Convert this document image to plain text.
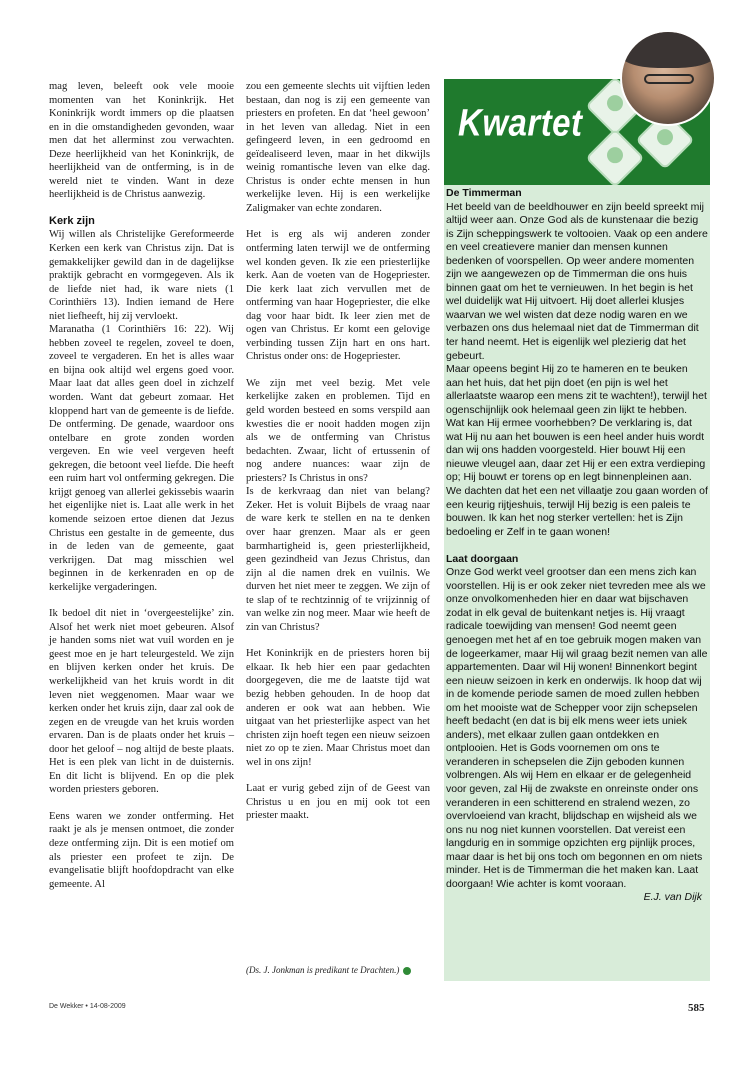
mag leven, beleeft ook vele mooie momenten van het Koninkrijk. Het Koninkrijk wordt immers op die plaatsen en in die omstandigheden gevonden, waar men dat het allerminst zou verwachten. Deze heerlijkheid van het Koninkrijk, de heerlijkheid van de ontferming, is in de wereld niet te vinden. Want in deze heerlijkheid is de Christus aanwezig.

Kerk zijn

Wij willen als Christelijke Gereformeerde Kerken een kerk van Christus zijn. Dat is gemakkelijker gewild dan in de dagelijkse praktijk gebracht en vormgegeven. Als ik de liefde niet had, ik ware niets (1 Corinthiërs 13). Indien iemand de Here niet liefheeft, hij zij vervloekt.

Maranatha (1 Corinthiërs 16: 22). Wij hebben zoveel te regelen, zoveel te doen, zoveel te vergaderen. En het is alles waar en bijna ook altijd wel ergens goed voor. Maar laat dat alles geen doel in zichzelf worden. Want dat gebeurt zomaar. Het kloppend hart van de gemeente is de liefde. De ontferming. De genade, waardoor ons ontelbare en grote zonden worden vergeven. En wie veel vergeven heeft gekregen, die betoont veel liefde. Die heeft een ruim hart vol ontferming gekregen. Die krijgt genoeg van allerlei gekissebis waarin het eigenlijke niet is. Laat alle werk in het komende seizoen ertoe dienen dat Jezus Christus een gestalte in de gemeente, dus in de leden van de gemeente, gaat verkrijgen. Dat mag misschien wel beginnen in de kerkenraden en op de kerkelijke vergaderingen.

Ik bedoel dit niet in ‘overgeestelijke’ zin. Alsof het werk niet moet gebeuren. Alsof je handen soms niet wat vuil worden en je geest moe en je hart teleurgesteld. We zijn en blijven kerken onder het kruis. De werkelijkheid van het kruis wordt in dit leven niet weggenomen. Maar waar we kerken onder het kruis zijn, daar zal ook de zegen en de vreugde van het kruis worden ervaren. Dan is de plaats onder het kruis – door het geloof – nog altijd de beste plaats. Het is een plek van licht in de duisternis. En dit licht is blijvend. En op die plek worden priesters geboren.

Eens waren we zonder ontferming. Het raakt je als je mensen ontmoet, die zonder deze ontferming zijn. Dit is een motief om als priester een profeet te zijn. De evangelisatie blijft hoofdopdracht van elke gemeente. Al

zou een gemeente slechts uit vijftien leden bestaan, dan nog is zij een gemeente van priesters en profeten. En dat ‘heel gewoon’ in het leven van alledag. Niet in een gefingeerd leven, in een gedroomd en geïdealiseerd leven, maar in het dikwijls weinig romantische leven van elke dag. Christus is onder echte mensen in hun werkelijke leven. Hij is een werkelijke Zaligmaker van echte zondaren.

Het is erg als wij anderen zonder ontferming laten terwijl we de ontferming wel konden geven. Ik zie een priesterlijke kerk. Aan de voeten van de Hogepriester. Die kerk laat zich vervullen met de ontferming van haar Hogepriester, die elke dag voor haar bidt. Ik leer zien met de ogen van Christus. Er komt een gelovige verbinding tussen Zijn hart en ons hart. Christus onder ons: de Hogepriester.

We zijn met veel bezig. Met vele kerkelijke zaken en problemen. Tijd en geld worden besteed en soms verspild aan kwesties die er nooit hadden mogen zijn als we de ontferming van Christus bedachten. Zwaar, licht of ertussenin of nog andere nuances: waar zijn de priesters? Is Christus in ons?

Is de kerkvraag dan niet van belang? Zeker. Het is voluit Bijbels de vraag naar de ware kerk te stellen en na te denken over haar grenzen. Maar als er geen barmhartigheid is, geen priesterlijkheid, geen gezindheid van Jezus Christus, dan zijn al die namen drek en vuilnis. We durven het niet meer te zeggen. We zijn of te slap of te rechtzinnig of te vrijzinnig of van welke zin nog meer. Maar wie heeft de zin van Christus?

Het Koninkrijk en de priesters horen bij elkaar. Ik heb hier een paar gedachten doorgegeven, die me de laatste tijd wat bezig hebben gehouden. In de hoop dat anderen er ook wat aan hebben. Wie uitgaat van het priesterlijke aspect van het christen zijn hoeft tegen een nieuw seizoen niet zo op te zien. Maar Christus moet dan wel in ons zijn!

Laat er vurig gebed zijn of de Geest van Christus u en jou en mij ook tot een priester maakt.

(Ds. J. Jonkman is predikant te Drachten.)
Kwartet

De Timmerman

Het beeld van de beeldhouwer en zijn beeld spreekt mij altijd weer aan. Onze God als de kunstenaar die bezig is Zijn scheppingswerk te voltooien. Vaak op een andere en veel creatievere manier dan mensen kunnen bedenken of voorspellen. Op weer andere momenten zijn we aangewezen op de Timmerman die ons huis binnen gaat om het te vernieuwen. In het begin is het wel duidelijk wat Hij uitvoert. Hij doet allerlei klusjes waarvan we wel wisten dat deze nodig waren en we verbazen ons dus helemaal niet dat de Timmerman dit ter hand neemt. Het is eigenlijk wel plezierig dat het gebeurt.

Maar opeens begint Hij zo te hameren en te beuken aan het huis, dat het pijn doet (en pijn is wel het allerlaatste waarop een mens zit te wachten!), terwijl het ogenschijnlijk ook helemaal geen zin lijkt te hebben. Wat kan Hij ermee voorhebben? De verklaring is, dat wat Hij nu aan het bouwen is een heel ander huis wordt dan wij ons hadden voorgesteld. Hier bouwt Hij een nieuwe vleugel aan, daar zet Hij er een extra verdieping op; Hij bouwt er torens op en legt binnenpleinen aan. We dachten dat het een net villaatje zou gaan worden of een keurig rijtjeshuis, terwijl Hij bezig is een paleis te bouwen. Ik kan het nog sterker vertellen: het is Zijn bedoeling er Zelf in te gaan wonen!

Laat doorgaan

Onze God werkt veel grootser dan een mens zich kan voorstellen. Hij is er ook zeker niet tevreden mee als we onze onvolkomenheden hier en daar wat bijschaven zodat in elk geval de buitenkant netjes is. Hij vraagt radicale toewijding van mensen! God neemt geen genoegen met het af en toe gebruik mogen maken van de logeerkamer, maar Hij wil graag bezit nemen van alle appartementen. Daar wil Hij wonen! Binnenkort begint een nieuw seizoen in kerk en onderwijs. Ik hoop dat wij in de komende periode samen de moed zullen hebben om het mooiste wat de Schepper voor zijn schepselen heeft bedacht (en dat is bij elk mens weer iets uniek anders), met elkaar zullen gaan ontdekken en ontplooien. Het is Gods voornemen om ons te veranderen in schepselen die Zijn geboden kunnen volbrengen. Als wij Hem en elkaar er de gelegenheid voor geven, zal Hij de zwakste en onreinste onder ons veranderen in een schitterend en stralend wezen, zo overvloeiend van kracht, blijdschap en wijsheid als we ons nu nog niet kunnen voorstellen. Dat vereist een langdurig en in sommige opzichten erg pijnlijk proces, maar daar is het bij ons toch om begonnen en om niets minder. Het is de Timmerman die het maken kan. Laat doorgaan! Wie achter is komt vooraan.

E.J. van Dijk

De Wekker • 14-08-2009	585
